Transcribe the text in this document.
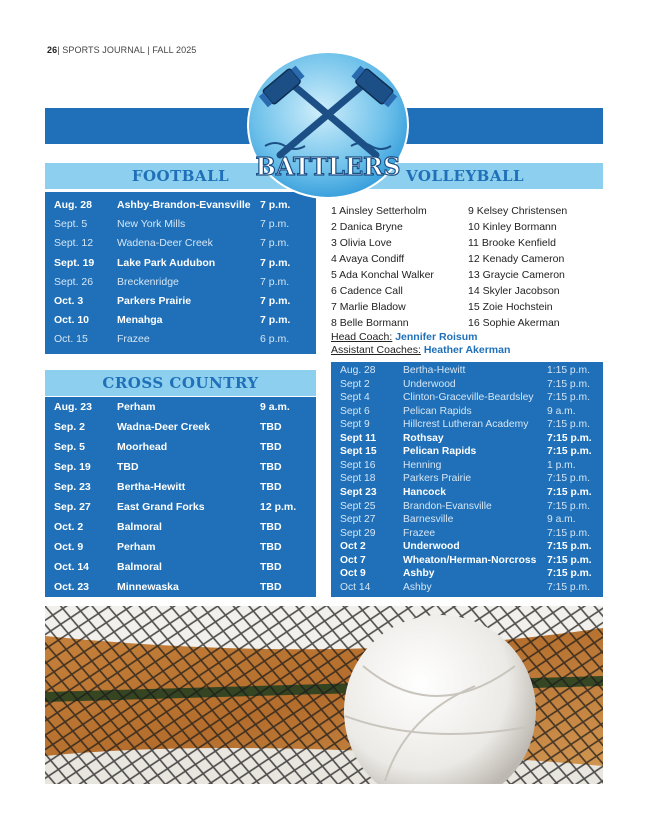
26| SPORTS JOURNAL | FALL 2025
FOOTBALL
Aug. 28 Ashby-Brandon-Evansville 7 p.m.
Sept. 5	New York Mills	7 p.m.
Sept. 12 Wadena-Deer Creek	7 p.m.
Sept. 19 Lake Park Audubon	7 p.m.
Sept. 26 Breckenridge	7 p.m.
Oct. 3	Parkers Prairie	7 p.m.
Oct. 10	Menahga	7 p.m.
Oct. 15	Frazee	6 p.m.
CROSS COUNTRY
Aug. 23 Perham	9 a.m.
Sep. 2	Wadna-Deer Creek	TBD
Sep. 5	Moorhead	TBD
Sep. 19 TBD	TBD
Sep. 23 Bertha-Hewitt	TBD
Sep. 27 East Grand Forks	12 p.m.
Oct. 2	Balmoral	TBD
Oct. 9	Perham	TBD
Oct. 14	Balmoral	TBD
Oct. 23	Minnewaska	TBD
VOLLEYBALL
1 Ainsley Setterholm
2 Danica Bryne
3 Olivia Love
4 Avaya Condiff
5 Ada Konchal Walker
6 Cadence Call
7 Marlie Bladow
8 Belle Bormann
9 Kelsey Christensen
10 Kinley Bormann
11 Brooke Kenfield
12 Kenady Cameron
13 Graycie Cameron
14 Skyler Jacobson
15 Zoie Hochstein
16 Sophie Akerman
Head Coach: Jennifer Roisum
Assistant Coaches: Heather Akerman
Aug. 28	Bertha-Hewitt	1:15 p.m.
Sept 2	Underwood	7:15 p.m.
Sept 4	Clinton-Graceville-Beardsley 7:15 p.m.
Sept 6	Pelican Rapids	9 a.m.
Sept 9	Hillcrest Lutheran Academy 7:15 p.m.
Sept 11	Rothsay	7:15 p.m.
Sept 15	Pelican Rapids	7:15 p.m.
Sept 16	Henning	1 p.m.
Sept 18	Parkers Prairie	7:15 p.m.
Sept 23	Hancock	7:15 p.m.
Sept 25	Brandon-Evansville	7:15 p.m.
Sept 27	Barnesville	9 a.m.
Sept 29	Frazee	7:15 p.m.
Oct 2	Underwood	7:15 p.m.
Oct 7	Wheaton/Herman-Norcross 7:15 p.m.
Oct 9	Ashby	7:15 p.m.
Oct 14	Ashby	7:15 p.m.
BATTLERS
